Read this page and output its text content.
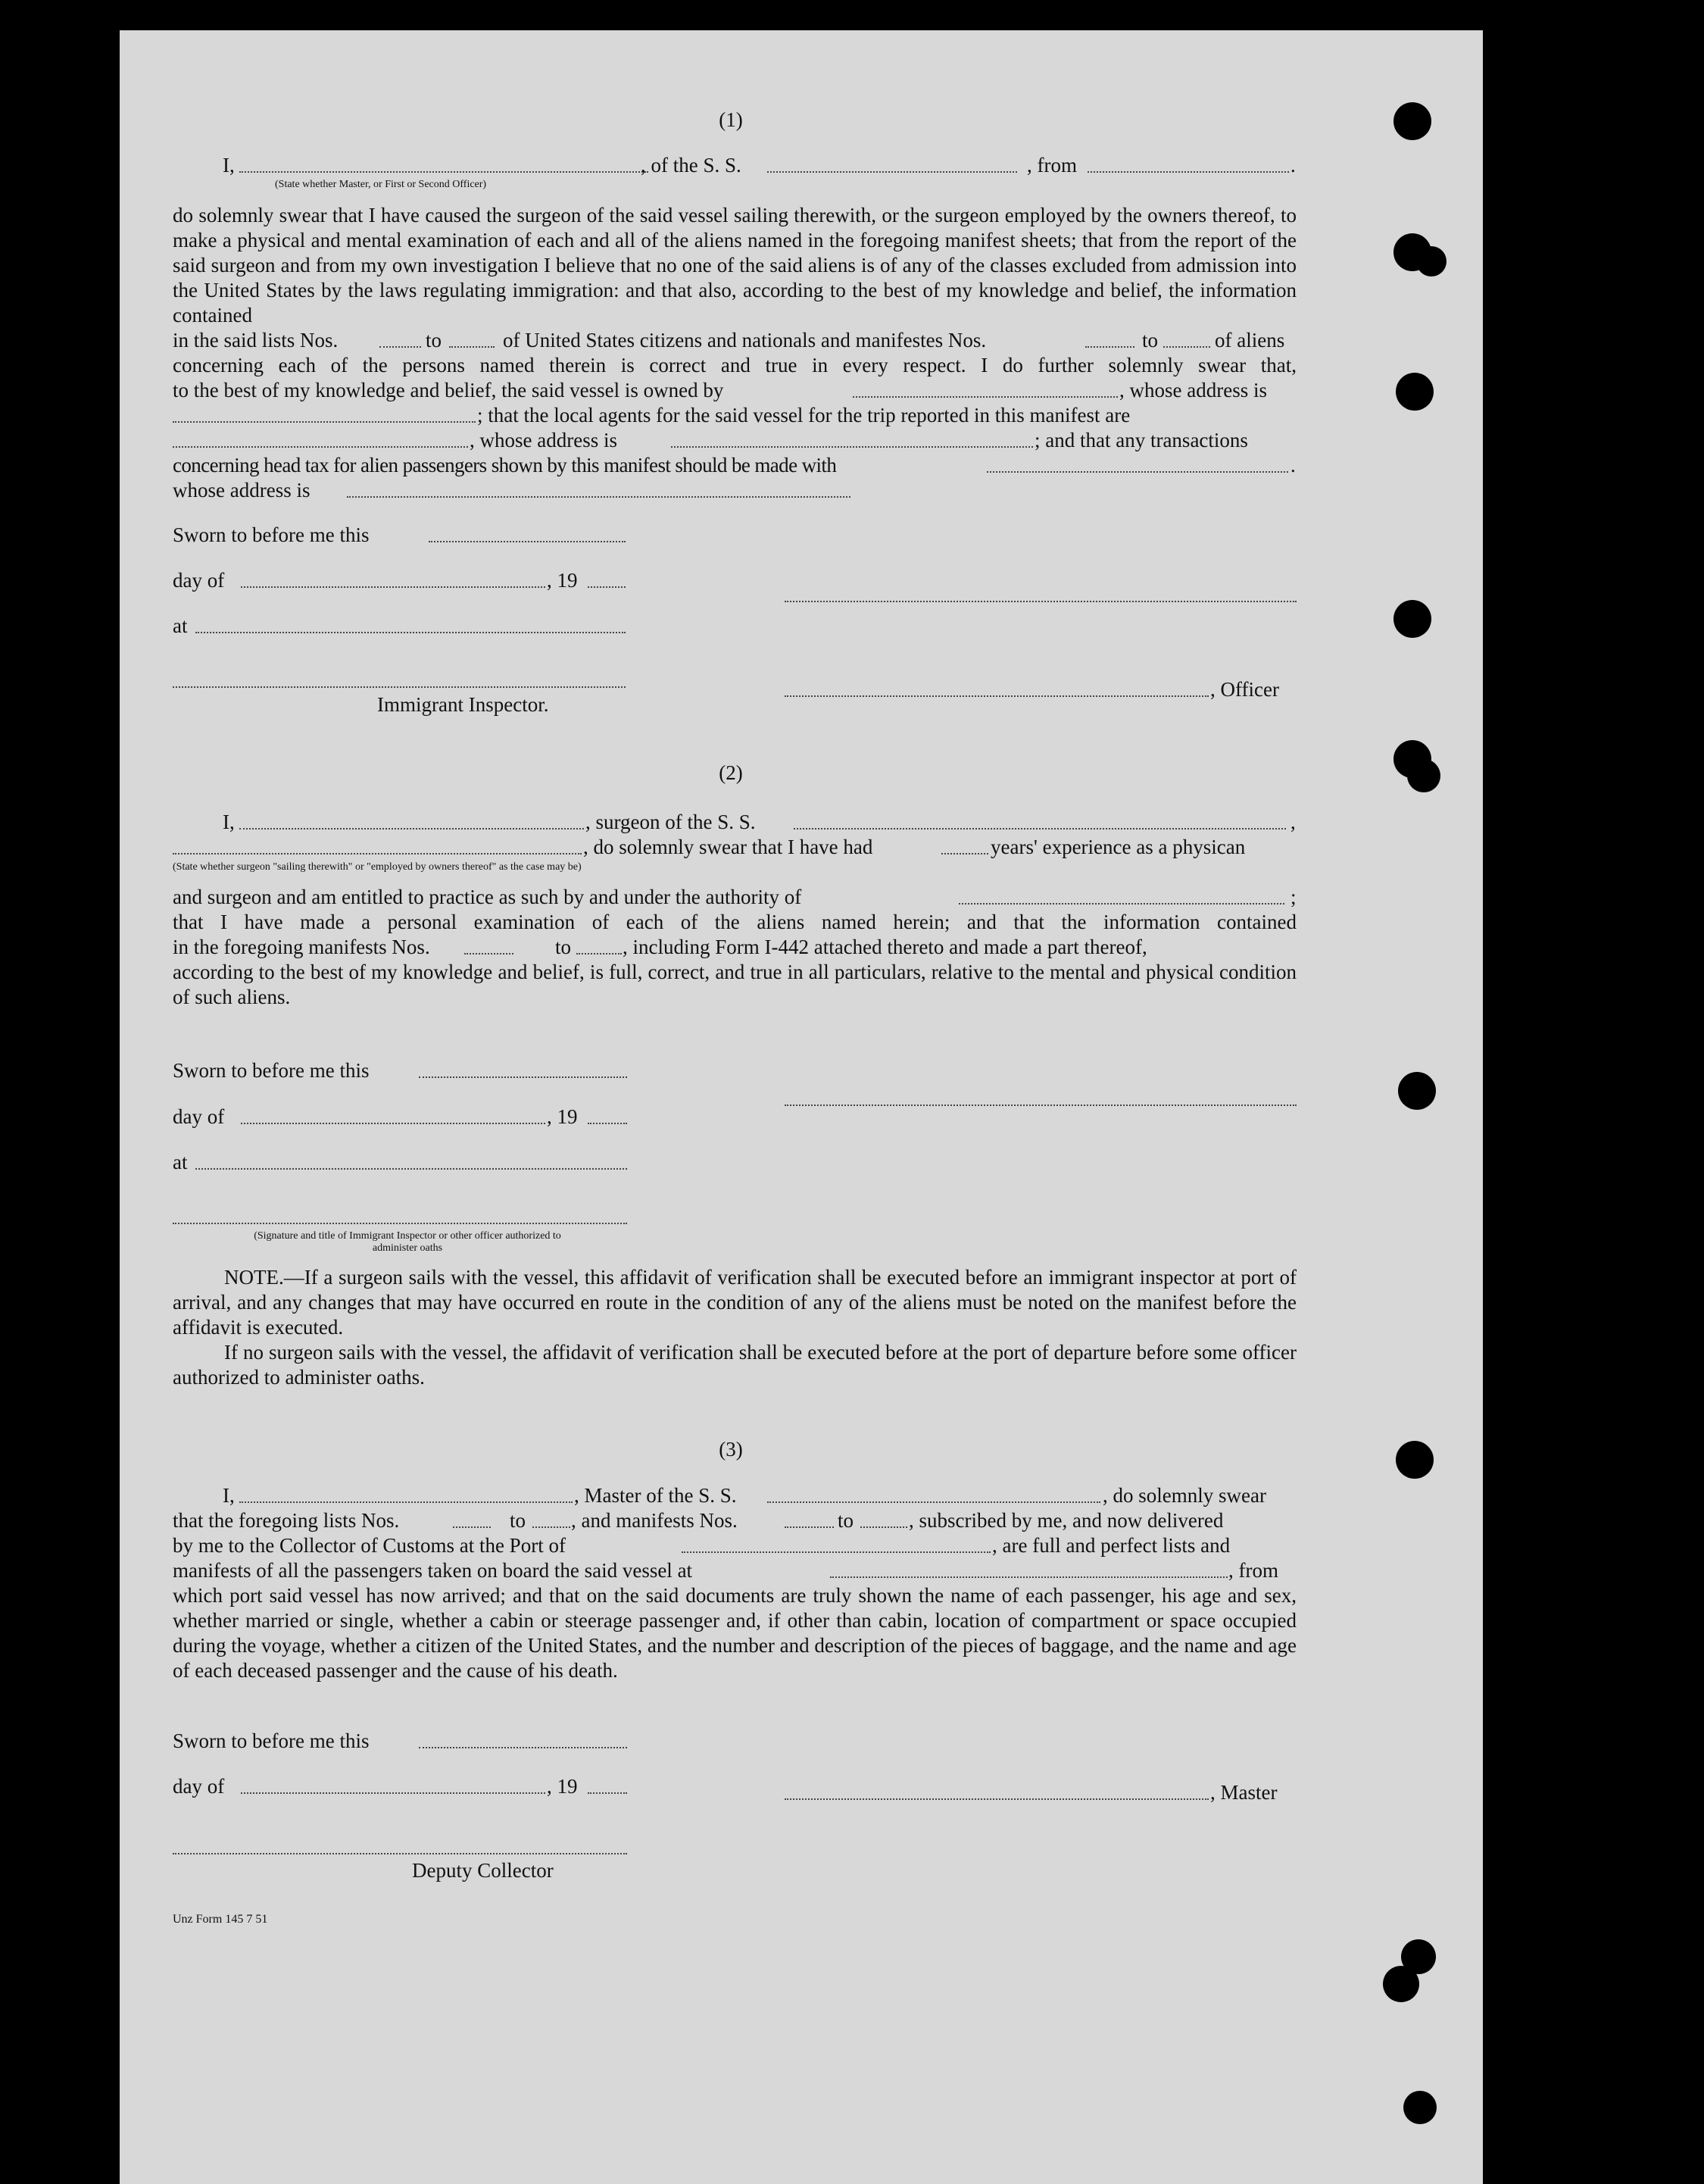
(1)
I,	, of the S. S.	, from	.
(State whether Master, or First or Second Officer)
do solemnly swear that I have caused the surgeon of the said vessel sailing therewith, or the surgeon employed by the owners thereof, to make a physical and mental examination of each and all of the aliens named in the foregoing manifest sheets; that from the report of the said surgeon and from my own investigation I believe that no one of the said aliens is of any of the classes excluded from admission into the United States by the laws regulating immigration: and that also, according to the best of my knowledge and belief, the information contained
in the said lists Nos.	to	of United States citizens and nationals and manifestes Nos.	to	of aliens
concerning each of the persons named therein is correct and true in every respect. I do further solemnly swear that,
to the best of my knowledge and belief, the said vessel is owned by	, whose address is
; that the local agents for the said vessel for the trip reported in this manifest are
, whose address is	; and that any transactions
concerning head tax for alien passengers shown by this manifest should be made with	.
whose address is
Sworn to before me this
day of	, 19
at
, Officer
Immigrant Inspector.
(2)
I,	, surgeon of the S. S.	,
, do solemnly swear that I have had	years' experience as a physican
(State whether surgeon "sailing therewith" or "employed by owners thereof" as the case may be)
and surgeon and am entitled to practice as such by and under the authority of	;
that I have made a personal examination of each of the aliens named herein; and that the information contained
in the foregoing manifests Nos.	to	, including Form I-442 attached thereto and made a part thereof,
according to the best of my knowledge and belief, is full, correct, and true in all particulars, relative to the mental and physical condition of such aliens.
Sworn to before me this
day of	, 19
at
(Signature and title of Immigrant Inspector or other officer authorized to administer oaths
NOTE.—If a surgeon sails with the vessel, this affidavit of verification shall be executed before an immigrant inspector at port of arrival, and any changes that may have occurred en route in the condition of any of the aliens must be noted on the manifest before the affidavit is executed.
If no surgeon sails with the vessel, the affidavit of verification shall be executed before at the port of departure before some officer authorized to administer oaths.
(3)
I,	, Master of the S. S.	, do solemnly swear
that the foregoing lists Nos.	to , and manifests Nos.	to	, subscribed by me, and now delivered
by me to the Collector of Customs at the Port of	, are full and perfect lists and
manifests of all the passengers taken on board the said vessel at	, from
which port said vessel has now arrived; and that on the said documents are truly shown the name of each passenger, his age and sex, whether married or single, whether a cabin or steerage passenger and, if other than cabin, location of compartment or space occupied during the voyage, whether a citizen of the United States, and the number and description of the pieces of baggage, and the name and age of each deceased passenger and the cause of his death.
Sworn to before me this
day of	, 19	, Master
Deputy Collector
Unz Form 145 7 51
